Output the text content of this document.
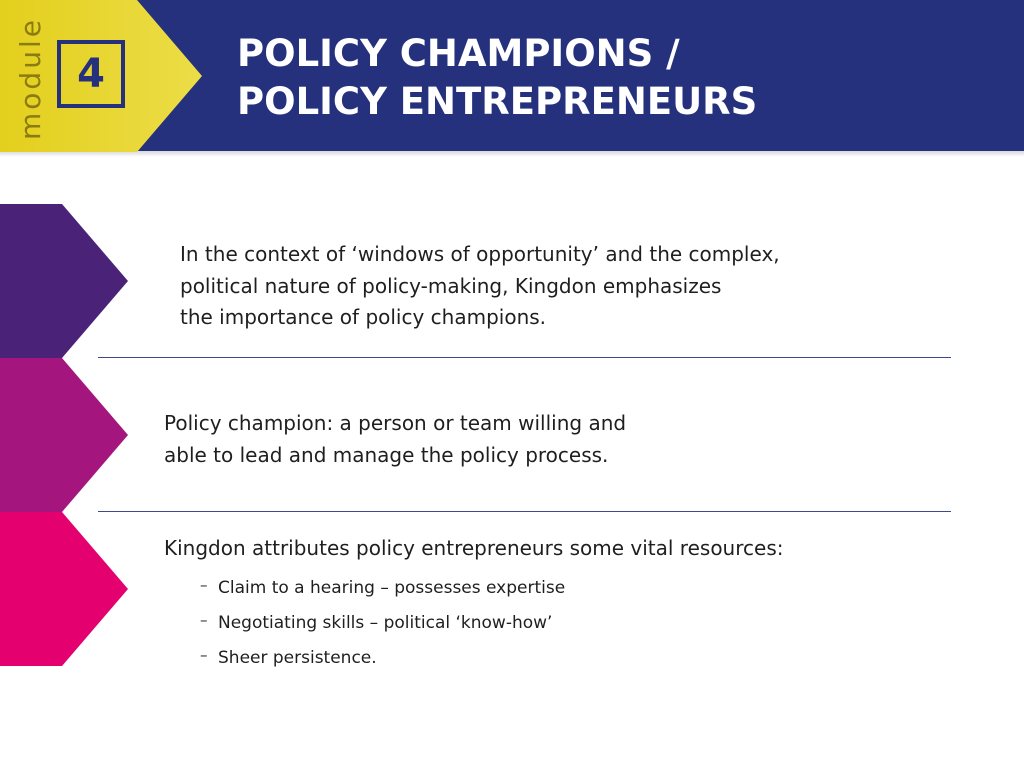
module 4	POLICY CHAMPIONS /
POLICY ENTREPRENEURS
In the context of ‘windows of opportunity’ and the complex,
political nature of policy-making, Kingdon emphasizes
the importance of policy champions.
Policy champion: a person or team willing and
able to lead and manage the policy process.
Kingdon attributes policy entrepreneurs some vital resources:
– Claim to a hearing – possesses expertise
– Negotiating skills – political ‘know-how’
– Sheer persistence.
